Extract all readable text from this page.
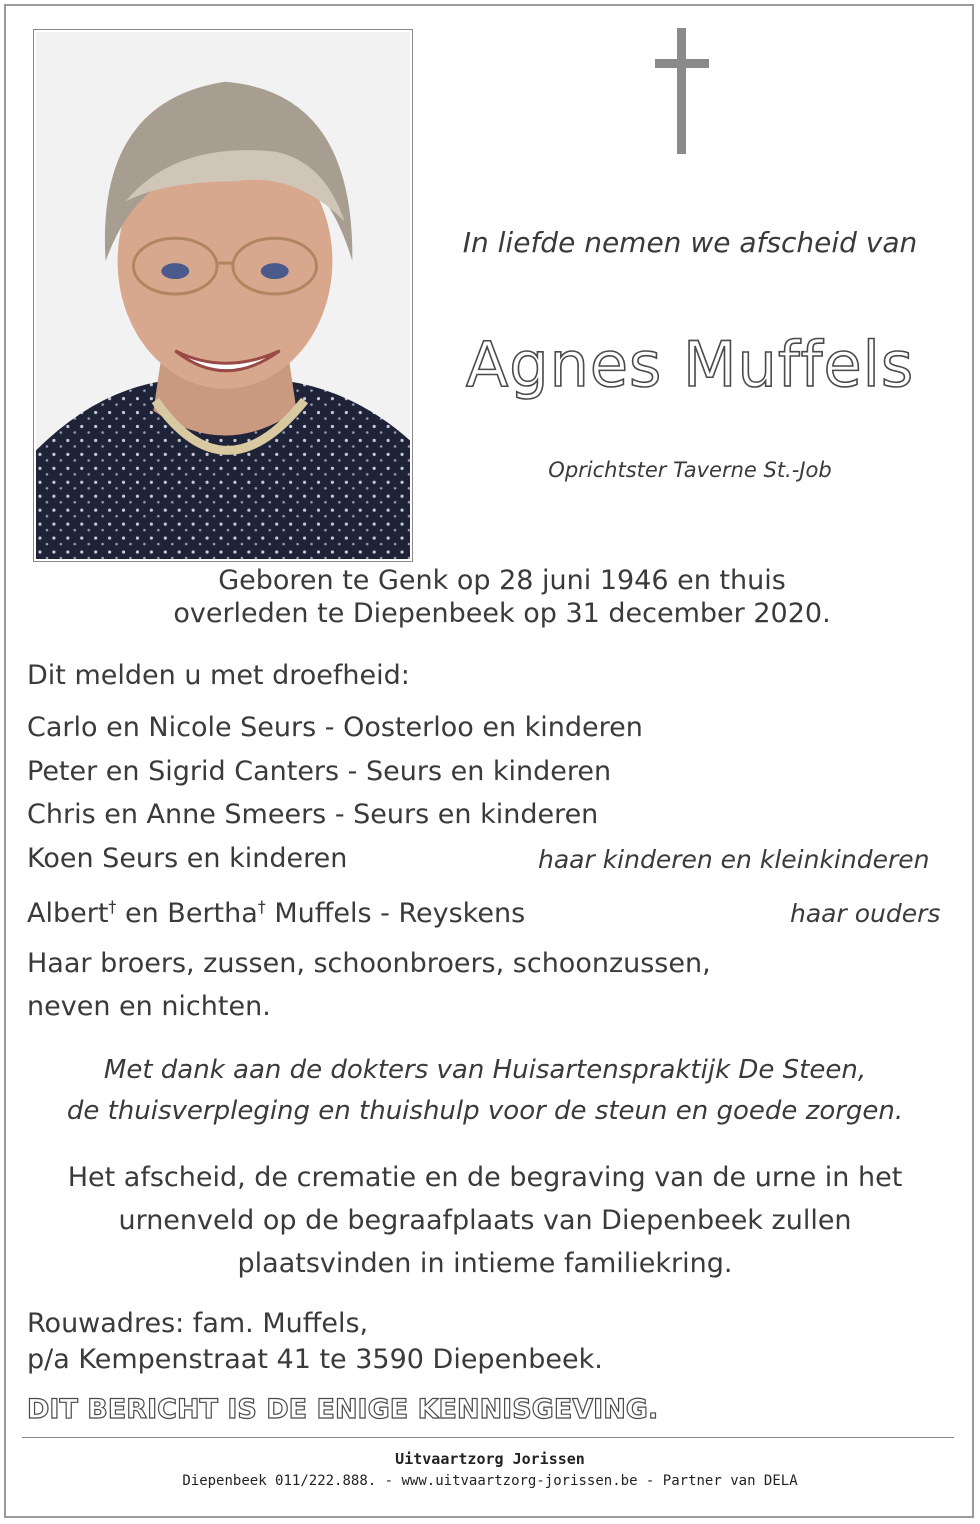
In liefde nemen we afscheid van
Agnes Muffels
Oprichtster Taverne St.-Job
Geboren te Genk op 28 juni 1946 en thuis
overleden te Diepenbeek op 31 december 2020.
Dit melden u met droefheid:
Carlo en Nicole Seurs - Oosterloo en kinderen
Peter en Sigrid Canters - Seurs en kinderen
Chris en Anne Smeers - Seurs en kinderen
Koen Seurs en kinderen	haar kinderen en kleinkinderen
Albert† en Bertha† Muffels - Reyskens	haar ouders
Haar broers, zussen, schoonbroers, schoonzussen,
neven en nichten.
Met dank aan de dokters van Huisartenspraktijk De Steen,
de thuisverpleging en thuishulp voor de steun en goede zorgen.
Het afscheid, de crematie en de begraving van de urne in het
urnenveld op de begraafplaats van Diepenbeek zullen
plaatsvinden in intieme familiekring.
Rouwadres: fam. Muffels,
p/a Kempenstraat 41 te 3590 Diepenbeek.
DIT BERICHT IS DE ENIGE KENNISGEVING.
Uitvaartzorg Jorissen
Diepenbeek 011/222.888. - www.uitvaartzorg-jorissen.be - Partner van DELA
